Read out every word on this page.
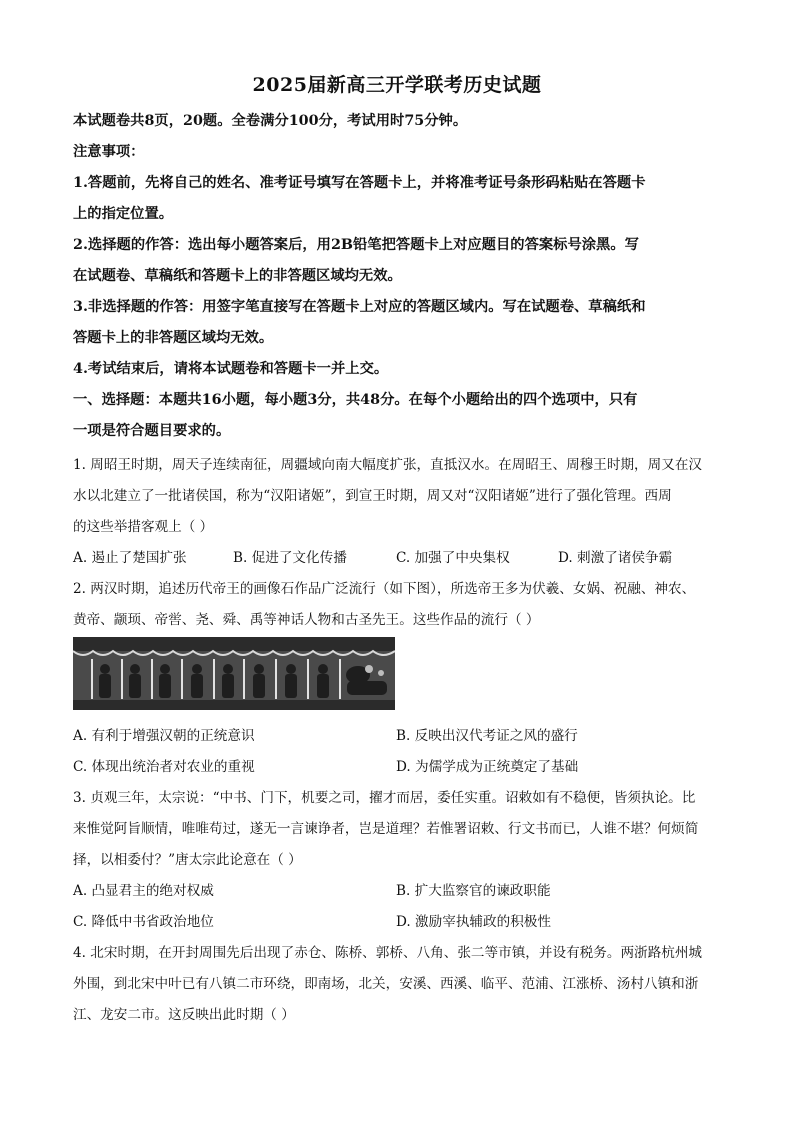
2025届新高三开学联考历史试题
本试题卷共8页，20题。全卷满分100分，考试用时75分钟。
注意事项：
1.答题前，先将自己的姓名、准考证号填写在答题卡上，并将准考证号条形码粘贴在答题卡
上的指定位置。
2.选择题的作答：选出每小题答案后，用2B铅笔把答题卡上对应题目的答案标号涂黑。写
在试题卷、草稿纸和答题卡上的非答题区域均无效。
3.非选择题的作答：用签字笔直接写在答题卡上对应的答题区域内。写在试题卷、草稿纸和
答题卡上的非答题区域均无效。
4.考试结束后，请将本试题卷和答题卡一并上交。
一、选择题：本题共16小题，每小题3分，共48分。在每个小题给出的四个选项中，只有
一项是符合题目要求的。
1. 周昭王时期，周天子连续南征，周疆域向南大幅度扩张，直抵汉水。在周昭王、周穆王时期，周又在汉
水以北建立了一批诸侯国，称为“汉阳诸姬”，到宣王时期，周又对“汉阳诸姬”进行了强化管理。西周
的这些举措客观上（ ）
A. 遏止了楚国扩张	B. 促进了文化传播	C. 加强了中央集权	D. 刺激了诸侯争霸
2. 两汉时期，追述历代帝王的画像石作品广泛流行（如下图），所选帝王多为伏羲、女娲、祝融、神农、
黄帝、颛顼、帝喾、尧、舜、禹等神话人物和古圣先王。这些作品的流行（ ）
A. 有利于增强汉朝的正统意识	B. 反映出汉代考证之风的盛行
C. 体现出统治者对农业的重视	D. 为儒学成为正统奠定了基础
3. 贞观三年，太宗说：“中书、门下，机要之司，擢才而居，委任实重。诏敕如有不稳便，皆须执论。比
来惟觉阿旨顺情，唯唯苟过，遂无一言谏诤者，岂是道理？若惟署诏敕、行文书而已，人谁不堪？何烦简
择，以相委付？”唐太宗此论意在（ ）
A. 凸显君主的绝对权威	B. 扩大监察官的谏政职能
C. 降低中书省政治地位	D. 激励宰执辅政的积极性
4. 北宋时期，在开封周围先后出现了赤仓、陈桥、郭桥、八角、张二等市镇，并设有税务。两浙路杭州城
外围，到北宋中叶已有八镇二市环绕，即南场，北关，安溪、西溪、临平、范浦、江涨桥、汤村八镇和浙
江、龙安二市。这反映出此时期（ ）
